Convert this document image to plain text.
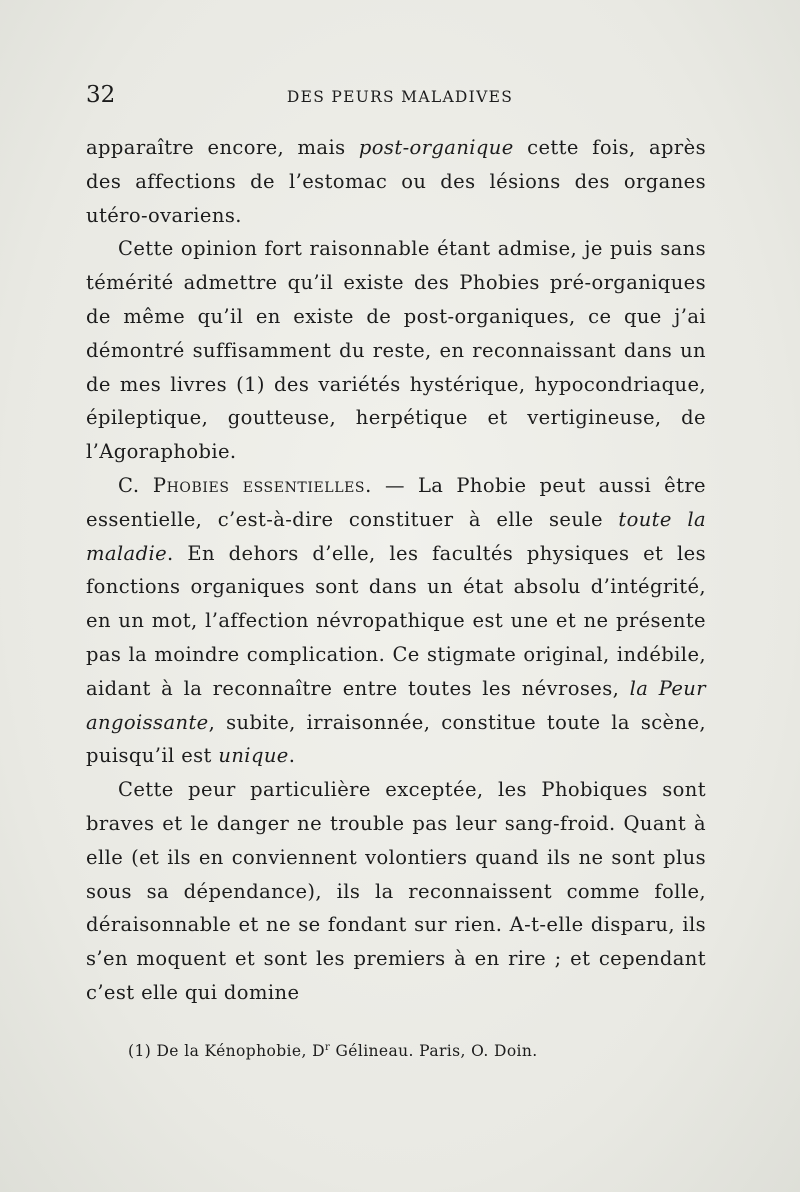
32	DES PEURS MALADIVES

apparaître encore, mais post-organique cette fois, après des affections de l’estomac ou des lésions des organes utéro-ovariens.

Cette opinion fort raisonnable étant admise, je puis sans témérité admettre qu’il existe des Phobies pré-organiques de même qu’il en existe de post-organiques, ce que j’ai démontré suffisamment du reste, en reconnaissant dans un de mes livres (1) des variétés hystérique, hypocondriaque, épileptique, goutteuse, herpétique et vertigineuse, de l’Agoraphobie.

C. Phobies essentielles. — La Phobie peut aussi être essentielle, c’est-à-dire constituer à elle seule toute la maladie. En dehors d’elle, les facultés physiques et les fonctions organiques sont dans un état absolu d’intégrité, en un mot, l’affection névropathique est une et ne présente pas la moindre complication. Ce stigmate original, indébile, aidant à la reconnaître entre toutes les névroses, la Peur angoissante, subite, irraisonnée, constitue toute la scène, puisqu’il est unique.

Cette peur particulière exceptée, les Phobiques sont braves et le danger ne trouble pas leur sang-froid. Quant à elle (et ils en conviennent volontiers quand ils ne sont plus sous sa dépendance), ils la reconnaissent comme folle, déraisonnable et ne se fondant sur rien. A-t-elle disparu, ils s’en moquent et sont les premiers à en rire ; et cependant c’est elle qui domine

(1) De la Kénophobie, $D^r$ Gélineau. Paris, O. Doin.
